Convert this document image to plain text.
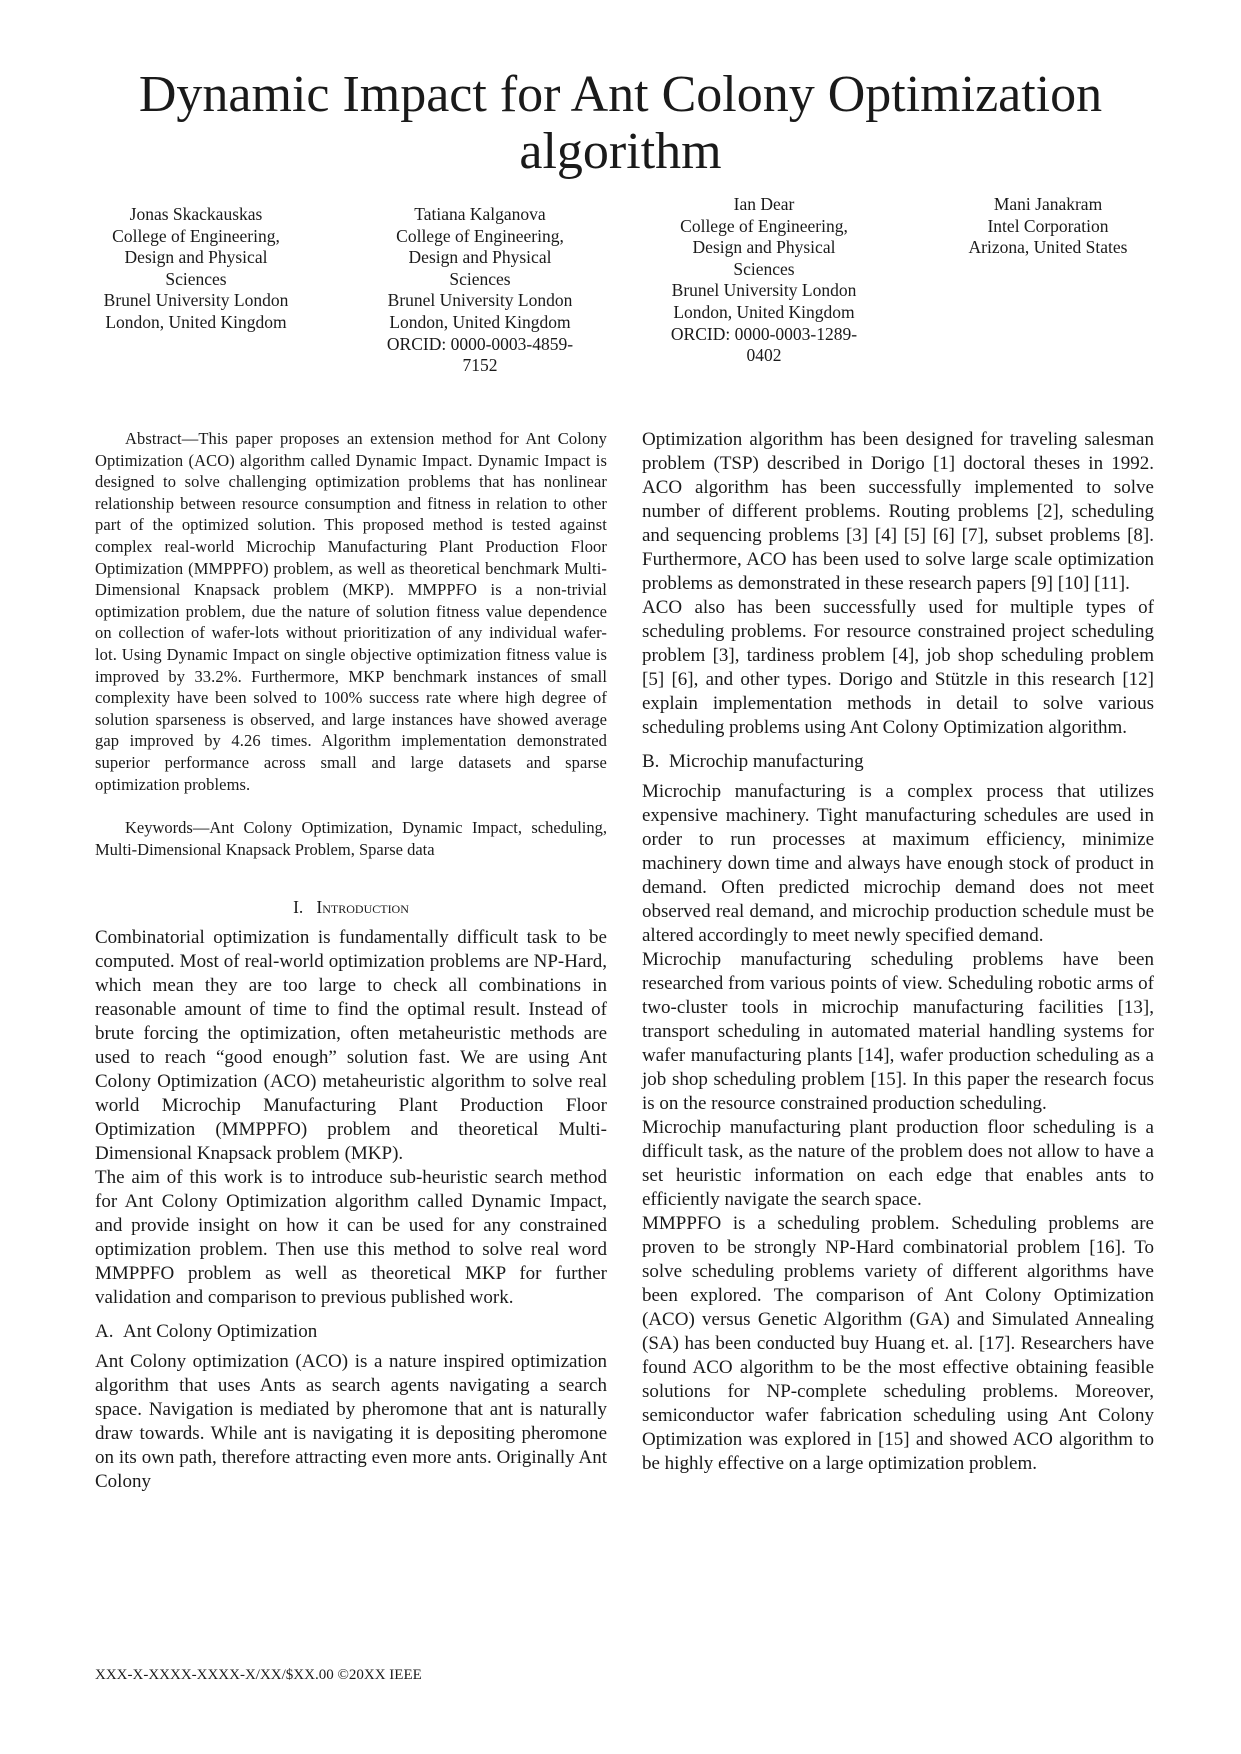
Dynamic Impact for Ant Colony Optimization algorithm
Jonas Skackauskas
College of Engineering,
Design and Physical
Sciences
Brunel University London
London, United Kingdom
Tatiana Kalganova
College of Engineering,
Design and Physical
Sciences
Brunel University London
London, United Kingdom
ORCID: 0000-0003-4859-
7152
Ian Dear
College of Engineering,
Design and Physical
Sciences
Brunel University London
London, United Kingdom
ORCID: 0000-0003-1289-
0402
Mani Janakram
Intel Corporation
Arizona, United States

Abstract—This paper proposes an extension method for Ant Colony Optimization (ACO) algorithm called Dynamic Impact. Dynamic Impact is designed to solve challenging optimization problems that has nonlinear relationship between resource consumption and fitness in relation to other part of the optimized solution. This proposed method is tested against complex real-world Microchip Manufacturing Plant Production Floor Optimization (MMPPFO) problem, as well as theoretical benchmark Multi-Dimensional Knapsack problem (MKP). MMPPFO is a non-trivial optimization problem, due the nature of solution fitness value dependence on collection of wafer-lots without prioritization of any individual wafer-lot. Using Dynamic Impact on single objective optimization fitness value is improved by 33.2%. Furthermore, MKP benchmark instances of small complexity have been solved to 100% success rate where high degree of solution sparseness is observed, and large instances have showed average gap improved by 4.26 times. Algorithm implementation demonstrated superior performance across small and large datasets and sparse optimization problems.

Keywords—Ant Colony Optimization, Dynamic Impact, scheduling, Multi-Dimensional Knapsack Problem, Sparse data

I. Introduction

Combinatorial optimization is fundamentally difficult task to be computed. Most of real-world optimization problems are NP-Hard, which mean they are too large to check all combinations in reasonable amount of time to find the optimal result. Instead of brute forcing the optimization, often metaheuristic methods are used to reach “good enough” solution fast. We are using Ant Colony Optimization (ACO) metaheuristic algorithm to solve real world Microchip Manufacturing Plant Production Floor Optimization (MMPPFO) problem and theoretical Multi-Dimensional Knapsack problem (MKP).

The aim of this work is to introduce sub-heuristic search method for Ant Colony Optimization algorithm called Dynamic Impact, and provide insight on how it can be used for any constrained optimization problem. Then use this method to solve real word MMPPFO problem as well as theoretical MKP for further validation and comparison to previous published work.

A. Ant Colony Optimization

Ant Colony optimization (ACO) is a nature inspired optimization algorithm that uses Ants as search agents navigating a search space. Navigation is mediated by pheromone that ant is naturally draw towards. While ant is navigating it is depositing pheromone on its own path, therefore attracting even more ants. Originally Ant Colony

Optimization algorithm has been designed for traveling salesman problem (TSP) described in Dorigo [1] doctoral theses in 1992. ACO algorithm has been successfully implemented to solve number of different problems. Routing problems [2], scheduling and sequencing problems [3] [4] [5] [6] [7], subset problems [8]. Furthermore, ACO has been used to solve large scale optimization problems as demonstrated in these research papers [9] [10] [11].

ACO also has been successfully used for multiple types of scheduling problems. For resource constrained project scheduling problem [3], tardiness problem [4], job shop scheduling problem [5] [6], and other types. Dorigo and Stützle in this research [12] explain implementation methods in detail to solve various scheduling problems using Ant Colony Optimization algorithm.

B. Microchip manufacturing

Microchip manufacturing is a complex process that utilizes expensive machinery. Tight manufacturing schedules are used in order to run processes at maximum efficiency, minimize machinery down time and always have enough stock of product in demand. Often predicted microchip demand does not meet observed real demand, and microchip production schedule must be altered accordingly to meet newly specified demand.

Microchip manufacturing scheduling problems have been researched from various points of view. Scheduling robotic arms of two-cluster tools in microchip manufacturing facilities [13], transport scheduling in automated material handling systems for wafer manufacturing plants [14], wafer production scheduling as a job shop scheduling problem [15]. In this paper the research focus is on the resource constrained production scheduling.

Microchip manufacturing plant production floor scheduling is a difficult task, as the nature of the problem does not allow to have a set heuristic information on each edge that enables ants to efficiently navigate the search space.

MMPPFO is a scheduling problem. Scheduling problems are proven to be strongly NP-Hard combinatorial problem [16]. To solve scheduling problems variety of different algorithms have been explored. The comparison of Ant Colony Optimization (ACO) versus Genetic Algorithm (GA) and Simulated Annealing (SA) has been conducted buy Huang et. al. [17]. Researchers have found ACO algorithm to be the most effective obtaining feasible solutions for NP-complete scheduling problems. Moreover, semiconductor wafer fabrication scheduling using Ant Colony Optimization was explored in [15] and showed ACO algorithm to be highly effective on a large optimization problem.

XXX-X-XXXX-XXXX-X/XX/$XX.00 ©20XX IEEE
